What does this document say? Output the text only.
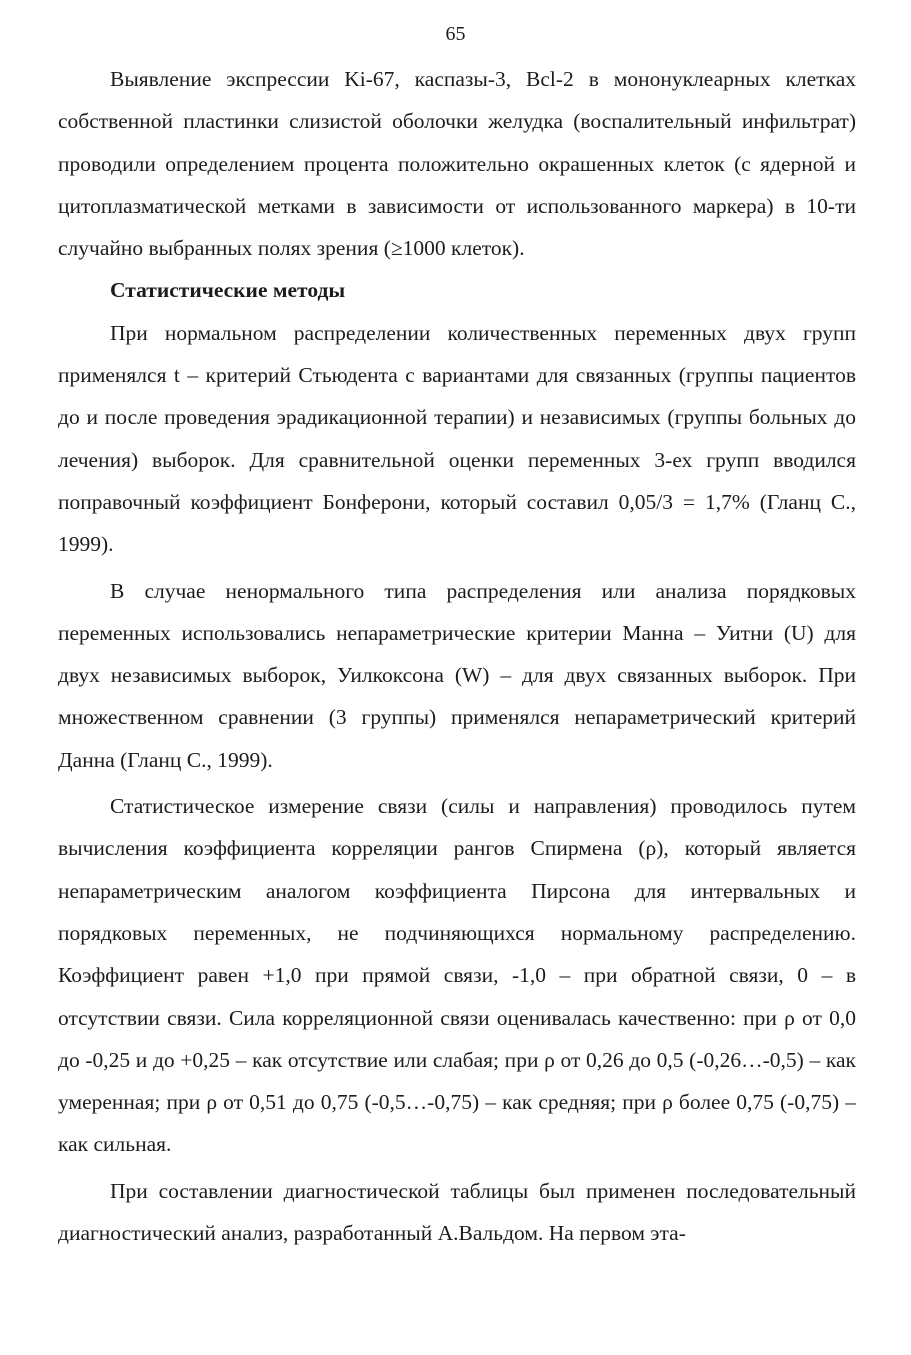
65

Выявление экспрессии Ki-67, каспазы-3, Bcl-2 в мононуклеарных клетках собственной пластинки слизистой оболочки желудка (воспалительный инфильтрат) проводили определением процента положительно окрашенных клеток (с ядерной и цитоплазматической метками в зависимости от использованного маркера) в 10-ти случайно выбранных полях зрения (≥1000 клеток).

Статистические методы

При нормальном распределении количественных переменных двух групп применялся t – критерий Стьюдента с вариантами для связанных (группы пациентов до и после проведения эрадикационной терапии) и независимых (группы больных до лечения) выборок. Для сравнительной оценки переменных 3-ех групп вводился поправочный коэффициент Бонферони, который составил 0,05/3 = 1,7% (Гланц С., 1999).

В случае ненормального типа распределения или анализа порядковых переменных использовались непараметрические критерии Манна – Уитни (U) для двух независимых выборок, Уилкоксона (W) – для двух связанных выборок. При множественном сравнении (3 группы) применялся непараметрический критерий Данна (Гланц С., 1999).

Статистическое измерение связи (силы и направления) проводилось путем вычисления коэффициента корреляции рангов Спирмена (ρ), который является непараметрическим аналогом коэффициента Пирсона для интервальных и порядковых переменных, не подчиняющихся нормальному распределению. Коэффициент равен +1,0 при прямой связи, -1,0 – при обратной связи, 0 – в отсутствии связи. Сила корреляционной связи оценивалась качественно: при ρ от 0,0 до -0,25 и до +0,25 – как отсутствие или слабая; при ρ от 0,26 до 0,5 (-0,26…-0,5) – как умеренная; при ρ от 0,51 до 0,75 (-0,5…-0,75) – как средняя; при ρ более 0,75 (-0,75) – как сильная.

При составлении диагностической таблицы был применен последовательный диагностический анализ, разработанный А.Вальдом. На первом эта-
